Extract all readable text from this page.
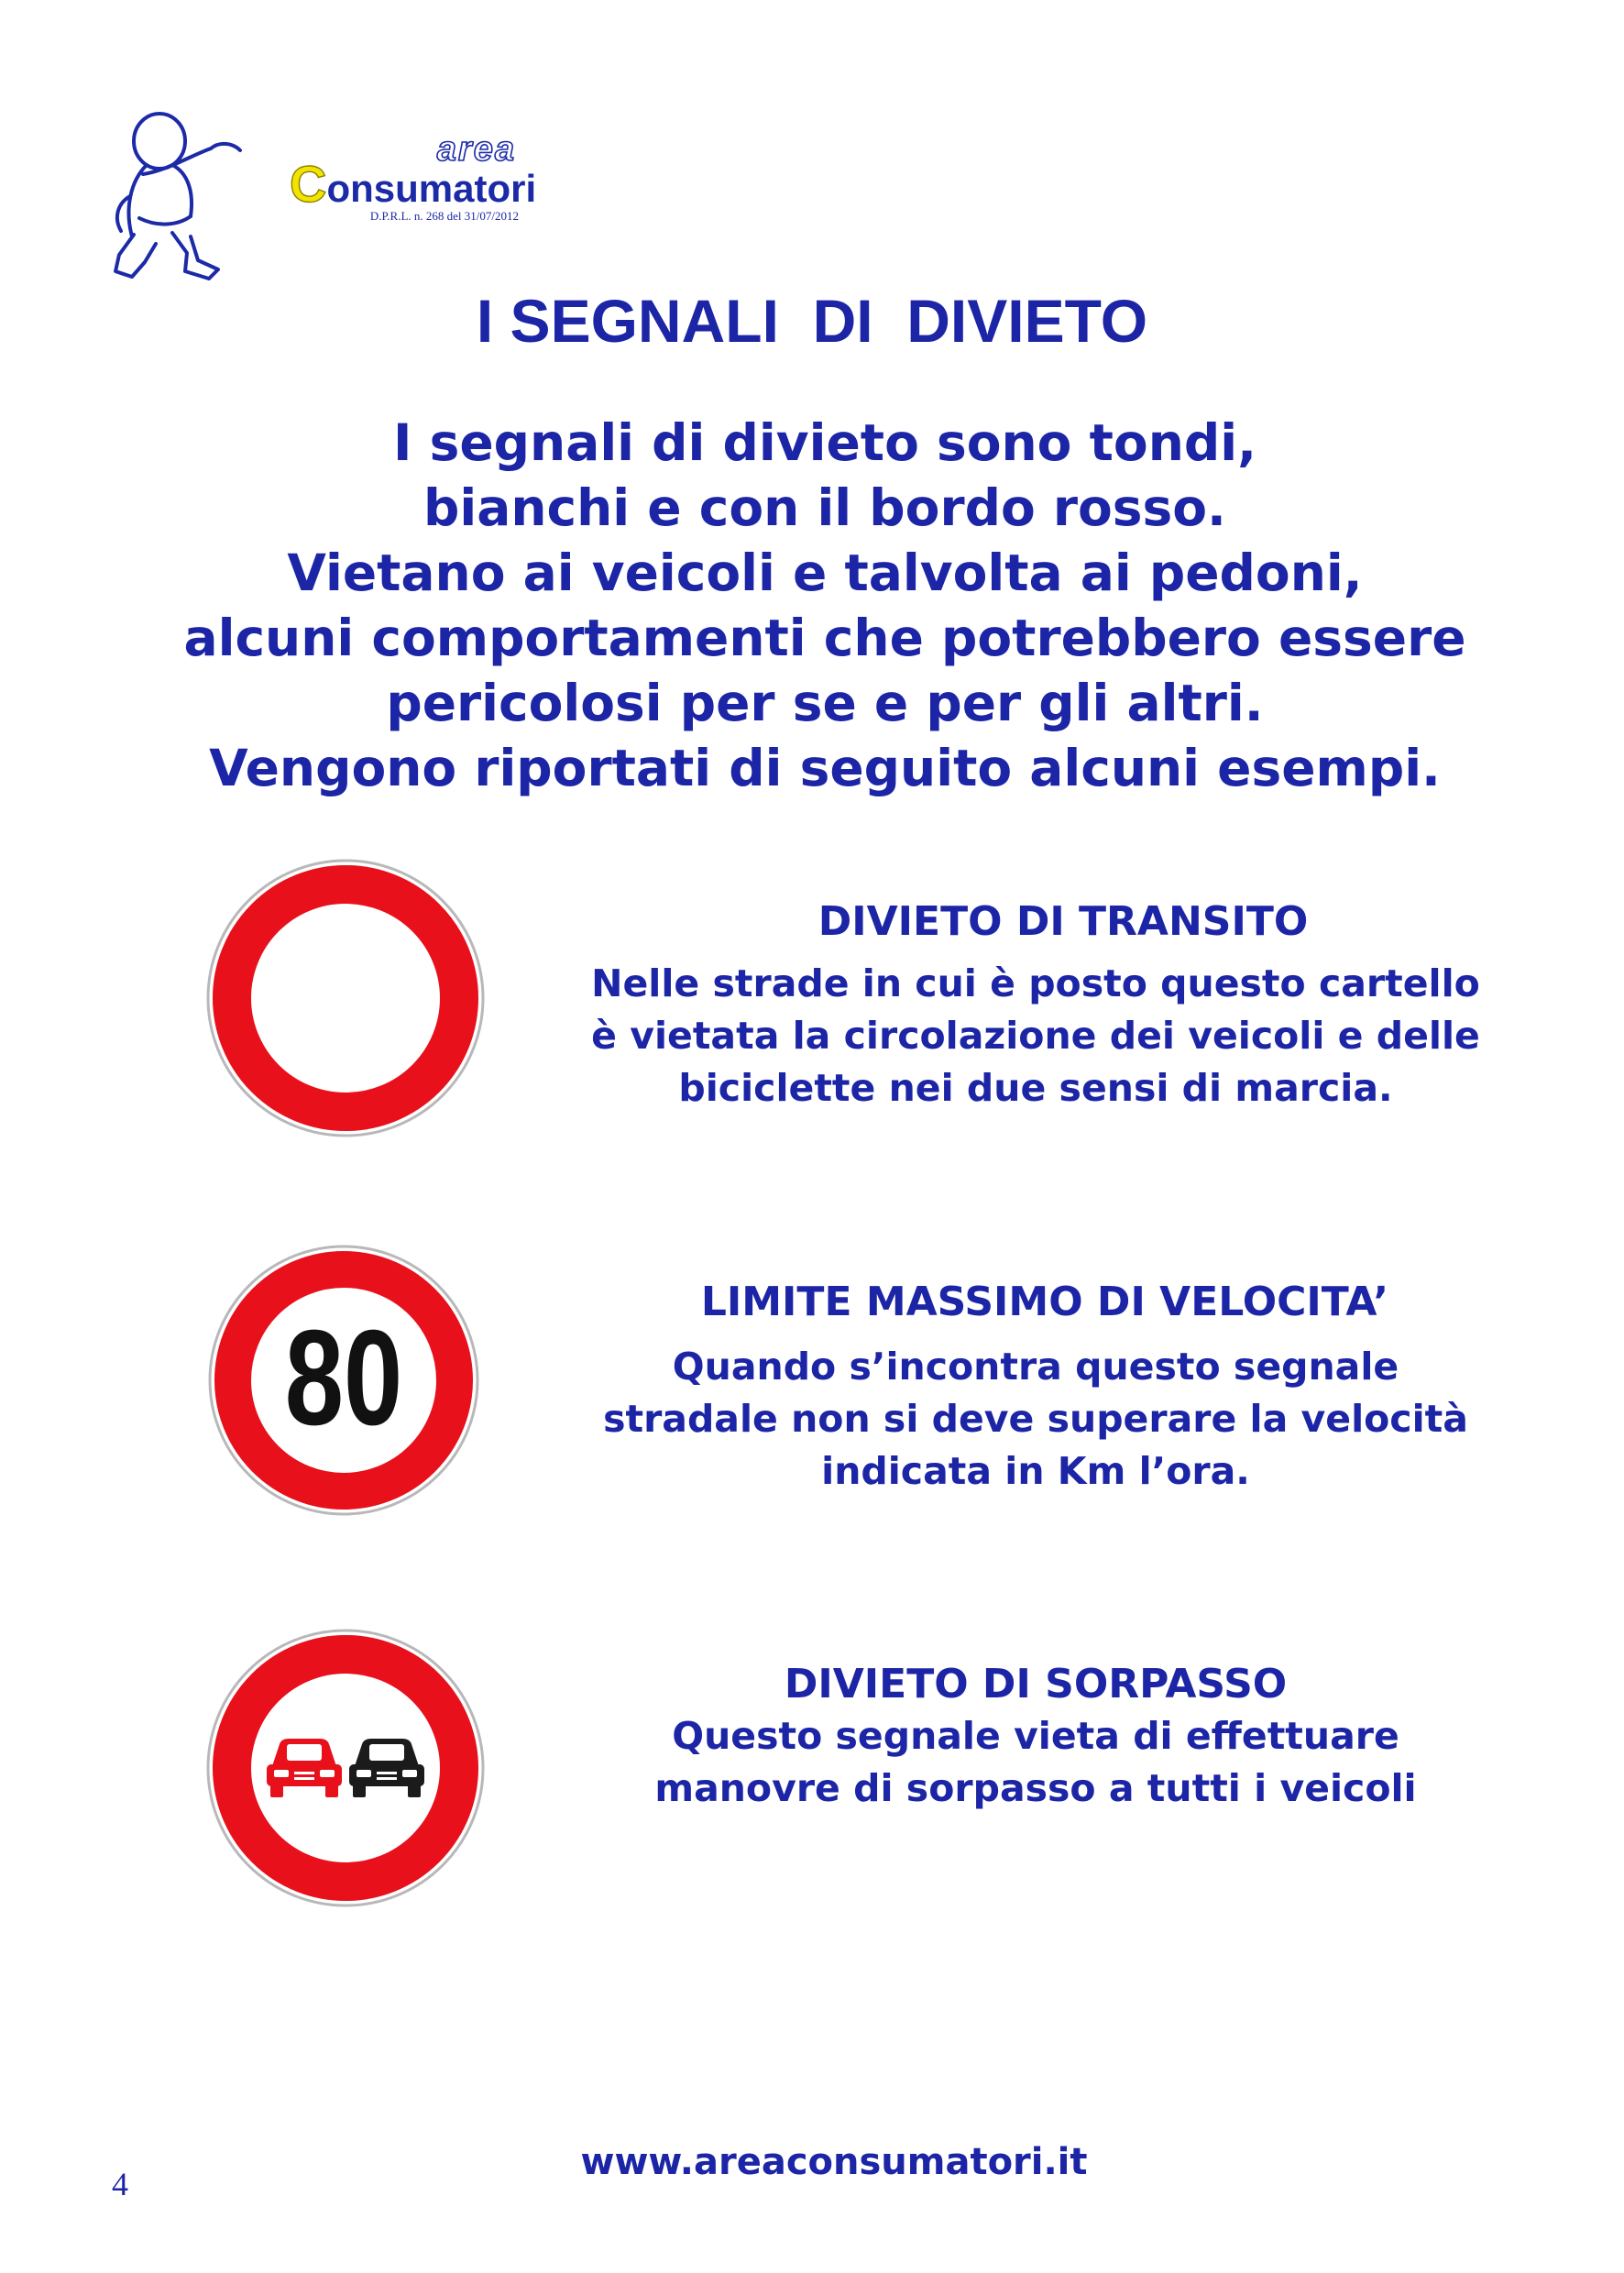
area
Consumatori
D.P.R.L. n. 268 del 31/07/2012
I SEGNALI  DI  DIVIETO
I segnali di divieto sono tondi,
bianchi e con il bordo rosso.
Vietano ai veicoli e talvolta ai pedoni,
alcuni comportamenti che potrebbero essere
pericolosi per se e per gli altri.
Vengono riportati di seguito alcuni esempi.
DIVIETO DI TRANSITO
Nelle strade in cui è posto questo cartello
è vietata la circolazione dei veicoli e delle
biciclette nei due sensi di marcia.
80
LIMITE MASSIMO DI VELOCITA’
Quando s’incontra questo segnale
stradale non si deve superare la velocità
indicata in Km l’ora.
DIVIETO DI SORPASSO
Questo segnale vieta di effettuare
manovre di sorpasso a tutti i veicoli
www.areaconsumatori.it
4
